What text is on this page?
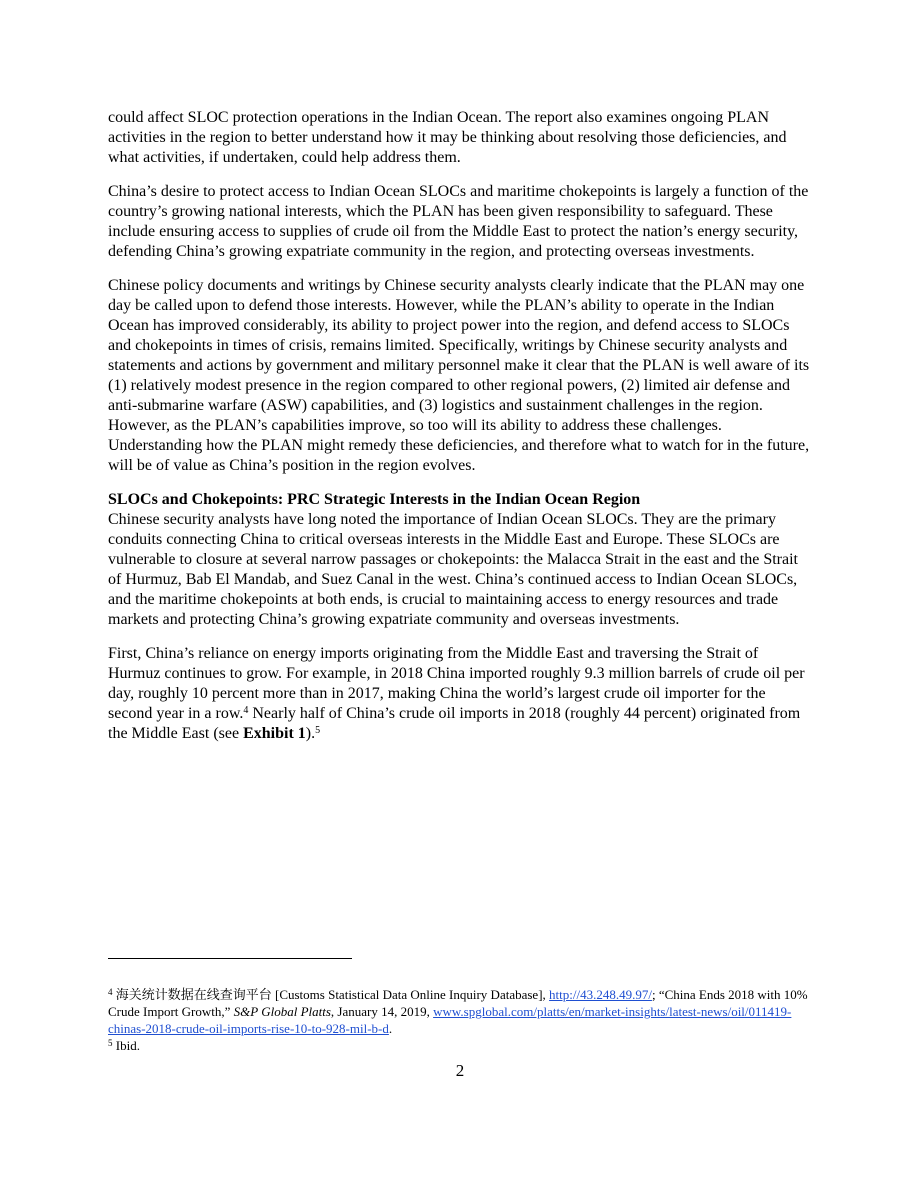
could affect SLOC protection operations in the Indian Ocean. The report also examines ongoing PLAN activities in the region to better understand how it may be thinking about resolving those deficiencies, and what activities, if undertaken, could help address them.

China’s desire to protect access to Indian Ocean SLOCs and maritime chokepoints is largely a function of the country’s growing national interests, which the PLAN has been given responsibility to safeguard. These include ensuring access to supplies of crude oil from the Middle East to protect the nation’s energy security, defending China’s growing expatriate community in the region, and protecting overseas investments.

Chinese policy documents and writings by Chinese security analysts clearly indicate that the PLAN may one day be called upon to defend those interests. However, while the PLAN’s ability to operate in the Indian Ocean has improved considerably, its ability to project power into the region, and defend access to SLOCs and chokepoints in times of crisis, remains limited. Specifically, writings by Chinese security analysts and statements and actions by government and military personnel make it clear that the PLAN is well aware of its (1) relatively modest presence in the region compared to other regional powers, (2) limited air defense and anti-submarine warfare (ASW) capabilities, and (3) logistics and sustainment challenges in the region. However, as the PLAN’s capabilities improve, so too will its ability to address these challenges. Understanding how the PLAN might remedy these deficiencies, and therefore what to watch for in the future, will be of value as China’s position in the region evolves.

SLOCs and Chokepoints: PRC Strategic Interests in the Indian Ocean Region

Chinese security analysts have long noted the importance of Indian Ocean SLOCs. They are the primary conduits connecting China to critical overseas interests in the Middle East and Europe. These SLOCs are vulnerable to closure at several narrow passages or chokepoints: the Malacca Strait in the east and the Strait of Hurmuz, Bab El Mandab, and Suez Canal in the west. China’s continued access to Indian Ocean SLOCs, and the maritime chokepoints at both ends, is crucial to maintaining access to energy resources and trade markets and protecting China’s growing expatriate community and overseas investments.

First, China’s reliance on energy imports originating from the Middle East and traversing the Strait of Hurmuz continues to grow. For example, in 2018 China imported roughly 9.3 million barrels of crude oil per day, roughly 10 percent more than in 2017, making China the world’s largest crude oil importer for the second year in a row.$^4$ Nearly half of China’s crude oil imports in 2018 (roughly 44 percent) originated from the Middle East (see Exhibit 1).$^5$

$^4$ 海关统计数据在线查询平台 [Customs Statistical Data Online Inquiry Database], http://43.248.49.97/; “China Ends 2018 with 10% Crude Import Growth,” S&P Global Platts, January 14, 2019, www.spglobal.com/platts/en/market-insights/latest-news/oil/011419-chinas-2018-crude-oil-imports-rise-10-to-928-mil-b-d.

$^5$ Ibid.

2
